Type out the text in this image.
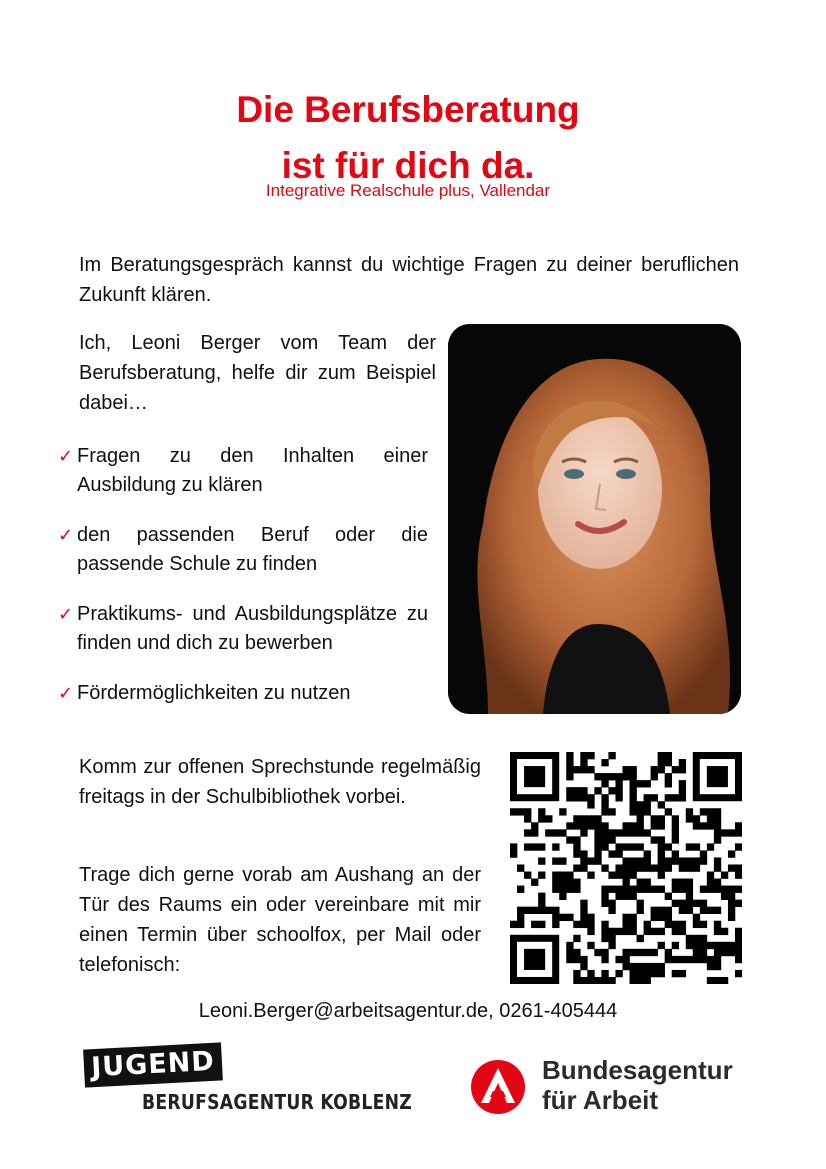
Die Berufsberatung
ist für dich da.

Integrative Realschule plus, Vallendar

Im Beratungsgespräch kannst du wichtige Fragen zu deiner beruflichen Zukunft klären.

Ich, Leoni Berger vom Team der Berufsberatung, helfe dir zum Beispiel dabei…

✓ Fragen zu den Inhalten einer Ausbildung zu klären
✓ den passenden Beruf oder die passende Schule zu finden
✓ Praktikums- und Ausbildungsplätze zu finden und dich zu bewerben
✓ Fördermöglichkeiten zu nutzen

Komm zur offenen Sprechstunde regelmäßig freitags in der Schulbibliothek vorbei.

Trage dich gerne vorab am Aushang an der Tür des Raums ein oder vereinbare mit mir einen Termin über schoolfox, per Mail oder telefonisch:

Leoni.Berger@arbeitsagentur.de, 0261-405444

JUGEND
BERUFSAGENTUR KOBLENZ
Bundesagentur
für Arbeit
